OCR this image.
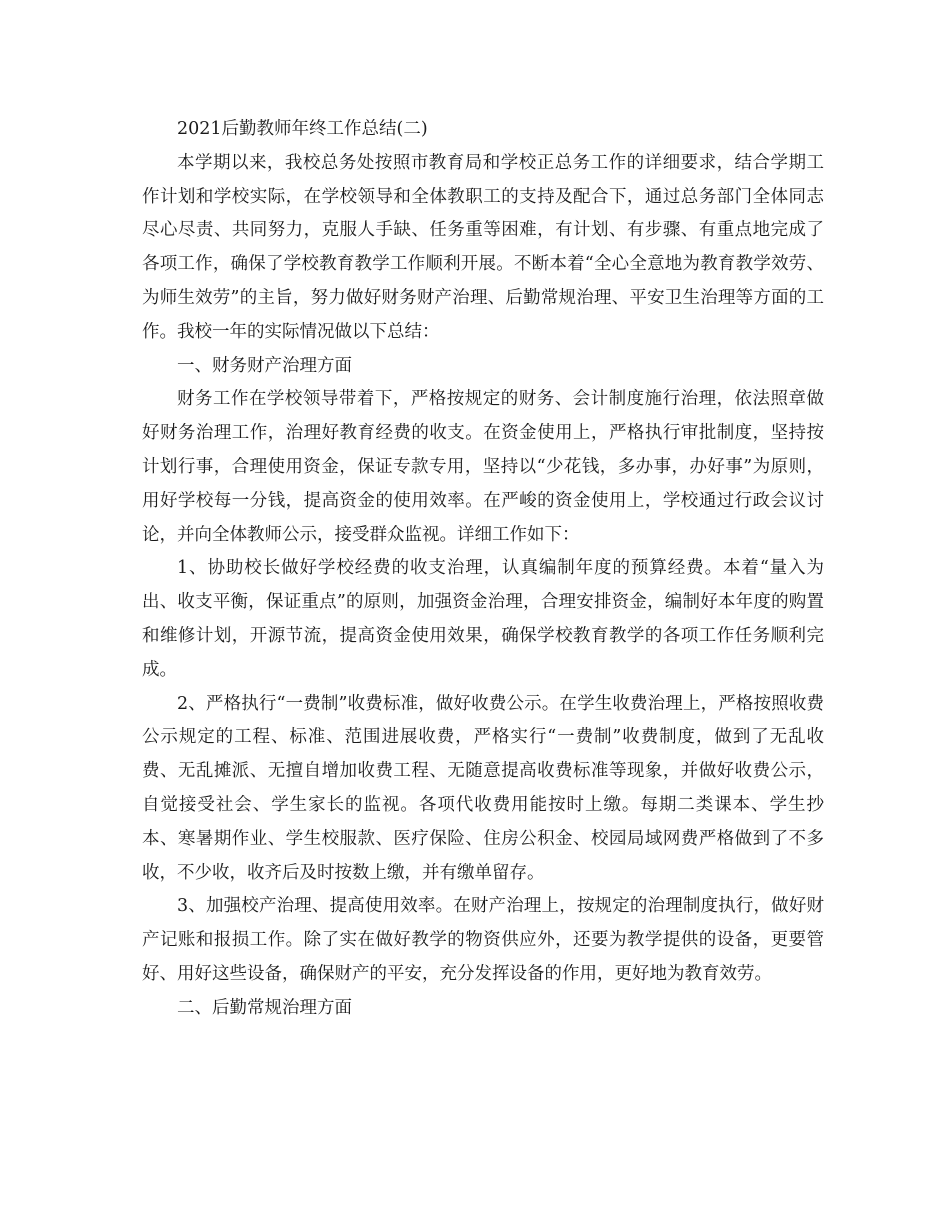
2021后勤教师年终工作总结(二)

本学期以来，我校总务处按照市教育局和学校正总务工作的详细要求，结合学期工作计划和学校实际，在学校领导和全体教职工的支持及配合下，通过总务部门全体同志尽心尽责、共同努力，克服人手缺、任务重等困难，有计划、有步骤、有重点地完成了各项工作，确保了学校教育教学工作顺利开展。不断本着“全心全意地为教育教学效劳、为师生效劳”的主旨，努力做好财务财产治理、后勤常规治理、平安卫生治理等方面的工作。我校一年的实际情况做以下总结：

一、财务财产治理方面

财务工作在学校领导带着下，严格按规定的财务、会计制度施行治理，依法照章做好财务治理工作，治理好教育经费的收支。在资金使用上，严格执行审批制度，坚持按计划行事，合理使用资金，保证专款专用，坚持以“少花钱，多办事，办好事”为原则，用好学校每一分钱，提高资金的使用效率。在严峻的资金使用上，学校通过行政会议讨论，并向全体教师公示，接受群众监视。详细工作如下：

1、协助校长做好学校经费的收支治理，认真编制年度的预算经费。本着“量入为出、收支平衡，保证重点”的原则，加强资金治理，合理安排资金，编制好本年度的购置和维修计划，开源节流，提高资金使用效果，确保学校教育教学的各项工作任务顺利完成。

2、严格执行“一费制”收费标准，做好收费公示。在学生收费治理上，严格按照收费公示规定的工程、标准、范围进展收费，严格实行“一费制”收费制度，做到了无乱收费、无乱摊派、无擅自增加收费工程、无随意提高收费标准等现象，并做好收费公示，自觉接受社会、学生家长的监视。各项代收费用能按时上缴。每期二类课本、学生抄本、寒暑期作业、学生校服款、医疗保险、住房公积金、校园局域网费严格做到了不多收，不少收，收齐后及时按数上缴，并有缴单留存。

3、加强校产治理、提高使用效率。在财产治理上，按规定的治理制度执行，做好财产记账和报损工作。除了实在做好教学的物资供应外，还要为教学提供的设备，更要管好、用好这些设备，确保财产的平安，充分发挥设备的作用，更好地为教育效劳。

二、后勤常规治理方面
